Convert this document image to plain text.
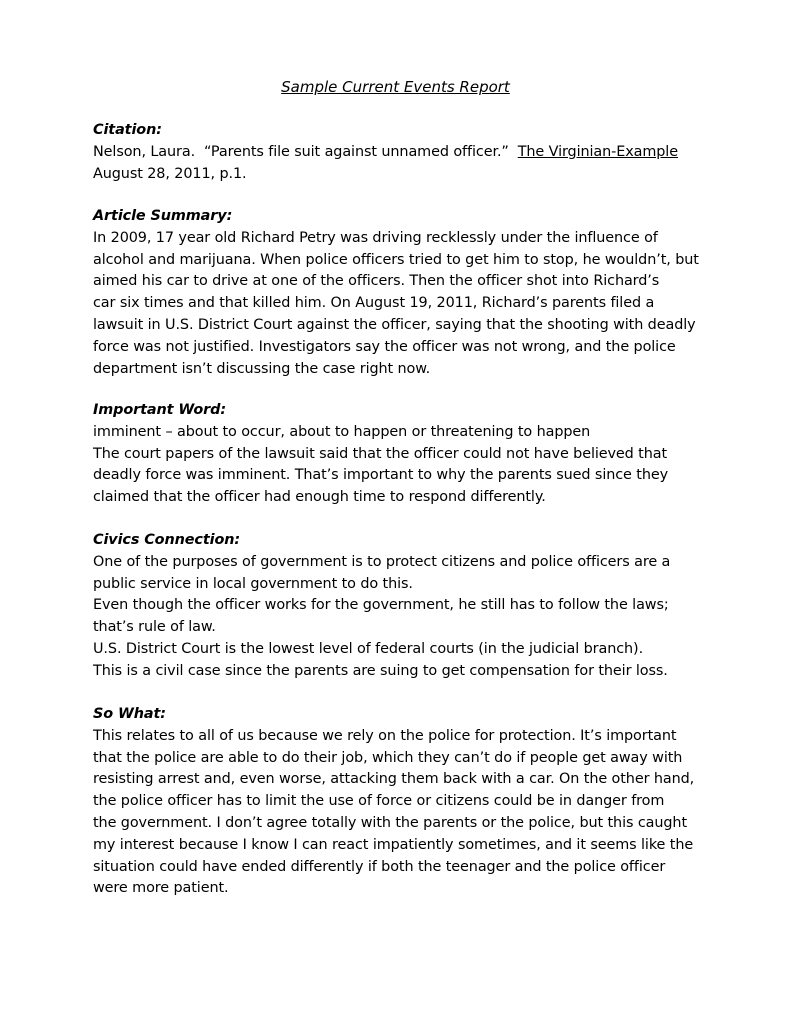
Sample Current Events Report
Citation:
Nelson, Laura.  “Parents file suit against unnamed officer.”  The Virginian-Example
August 28, 2011, p.1.
Article Summary:
In 2009, 17 year old Richard Petry was driving recklessly under the influence of
alcohol and marijuana. When police officers tried to get him to stop, he wouldn’t, but
aimed his car to drive at one of the officers. Then the officer shot into Richard’s
car six times and that killed him. On August 19, 2011, Richard’s parents filed a
lawsuit in U.S. District Court against the officer, saying that the shooting with deadly
force was not justified. Investigators say the officer was not wrong, and the police
department isn’t discussing the case right now.
Important Word:
imminent – about to occur, about to happen or threatening to happen
The court papers of the lawsuit said that the officer could not have believed that
deadly force was imminent. That’s important to why the parents sued since they
claimed that the officer had enough time to respond differently.
Civics Connection:
One of the purposes of government is to protect citizens and police officers are a
public service in local government to do this.
Even though the officer works for the government, he still has to follow the laws;
that’s rule of law.
U.S. District Court is the lowest level of federal courts (in the judicial branch).
This is a civil case since the parents are suing to get compensation for their loss.
So What:
This relates to all of us because we rely on the police for protection. It’s important
that the police are able to do their job, which they can’t do if people get away with
resisting arrest and, even worse, attacking them back with a car. On the other hand,
the police officer has to limit the use of force or citizens could be in danger from
the government. I don’t agree totally with the parents or the police, but this caught
my interest because I know I can react impatiently sometimes, and it seems like the
situation could have ended differently if both the teenager and the police officer
were more patient.
